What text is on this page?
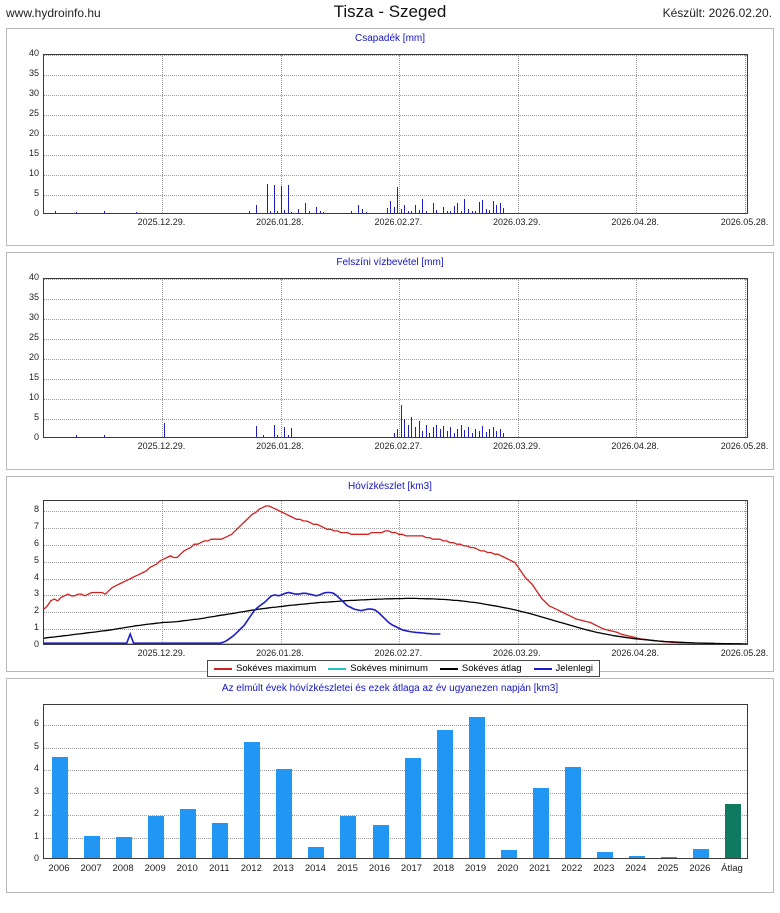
www.hydroinfo.hu	Tisza - Szeged	Készült: 2026.02.20.
Csapadék [mm]
0
5
10
15
20
25
30
35
40
2025.12.29.	2026.01.28.	2026.02.27.	2026.03.29.	2026.04.28.	2026.05.28.
Felszíni vízbevétel [mm]
0
5
10
15
20
25
30
35
40
2025.12.29.	2026.01.28.	2026.02.27.	2026.03.29.	2026.04.28.	2026.05.28.
Hóvízkészlet [km3]
0
1
2
3
4
5
6
7
8
2025.12.29.	2026.01.28.	2026.02.27.	2026.03.29.	2026.04.28.	2026.05.28.
Sokéves maximum	Sokéves minimum	Sokéves átlag	Jelenlegi
Az elmúlt évek hóvízkészletei és ezek átlaga az év ugyanezen napján [km3]
0
1
2
3
4
5
6
2006	2007	2008	2009	2010	2011	2012	2013	2014	2015	2016	2017	2018	2019	2020	2021	2022	2023	2024	2025	2026	Átlag
